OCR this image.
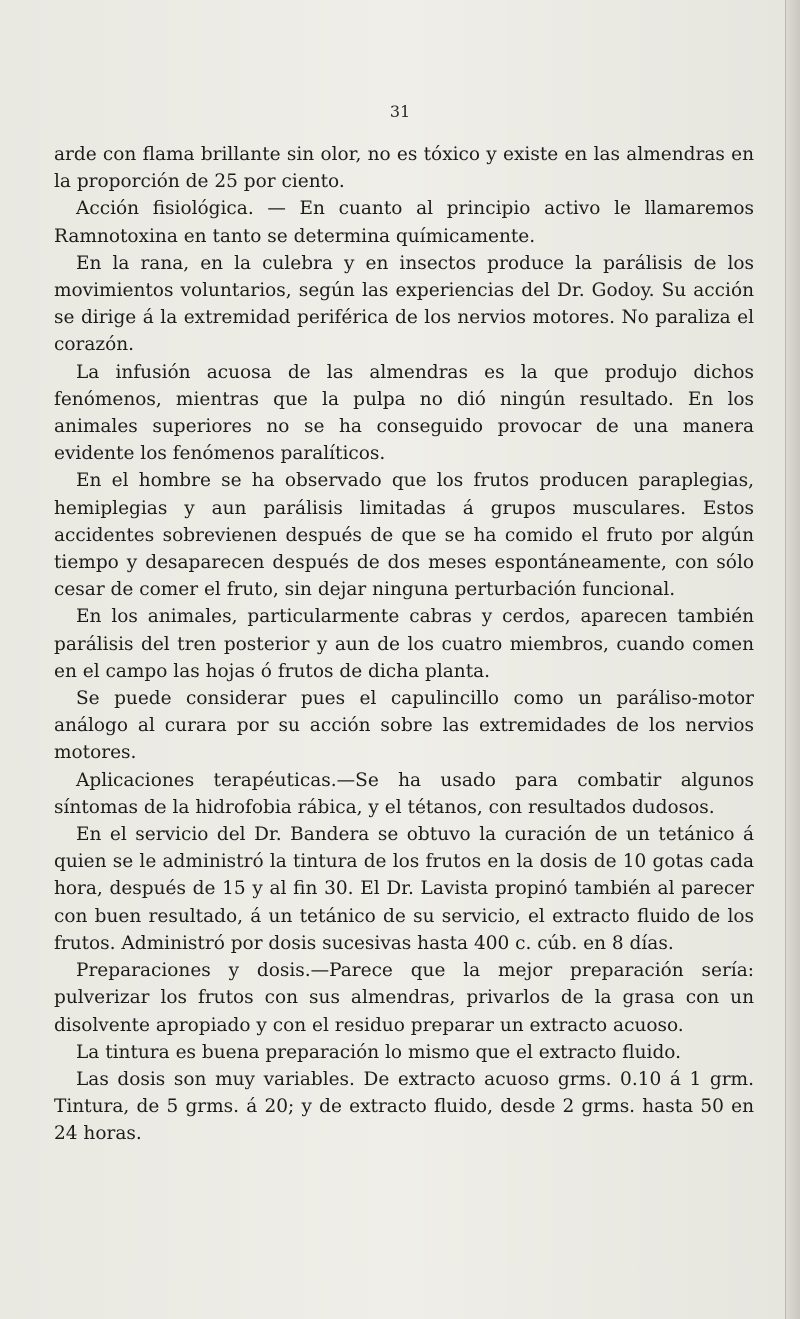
31

arde con flama brillante sin olor, no es tóxico y existe en las almendras en la proporción de 25 por ciento.

Acción fisiológica. — En cuanto al principio activo le llamaremos Ramnotoxina en tanto se determina químicamente.

En la rana, en la culebra y en insectos produce la parálisis de los movimientos voluntarios, según las experiencias del Dr. Godoy. Su acción se dirige á la extremidad periférica de los nervios motores. No paraliza el corazón.

La infusión acuosa de las almendras es la que produjo dichos fenómenos, mientras que la pulpa no dió ningún resultado. En los animales superiores no se ha conseguido provocar de una manera evidente los fenómenos paralíticos.

En el hombre se ha observado que los frutos producen paraplegias, hemiplegias y aun parálisis limitadas á grupos musculares. Estos accidentes sobrevienen después de que se ha comido el fruto por algún tiempo y desaparecen después de dos meses espontáneamente, con sólo cesar de comer el fruto, sin dejar ninguna perturbación funcional.

En los animales, particularmente cabras y cerdos, aparecen también parálisis del tren posterior y aun de los cuatro miembros, cuando comen en el campo las hojas ó frutos de dicha planta.

Se puede considerar pues el capulincillo como un paráliso-motor análogo al curara por su acción sobre las extremidades de los nervios motores.

Aplicaciones terapéuticas.—Se ha usado para combatir algunos síntomas de la hidrofobia rábica, y el tétanos, con resultados dudosos.

En el servicio del Dr. Bandera se obtuvo la curación de un tetánico á quien se le administró la tintura de los frutos en la dosis de 10 gotas cada hora, después de 15 y al fin 30. El Dr. Lavista propinó también al parecer con buen resultado, á un tetánico de su servicio, el extracto fluido de los frutos. Administró por dosis sucesivas hasta 400 c. cúb. en 8 días.

Preparaciones y dosis.—Parece que la mejor preparación sería: pulverizar los frutos con sus almendras, privarlos de la grasa con un disolvente apropiado y con el residuo preparar un extracto acuoso.

La tintura es buena preparación lo mismo que el extracto fluido.

Las dosis son muy variables. De extracto acuoso grms. 0.10 á 1 grm. Tintura, de 5 grms. á 20; y de extracto fluido, desde 2 grms. hasta 50 en 24 horas.
